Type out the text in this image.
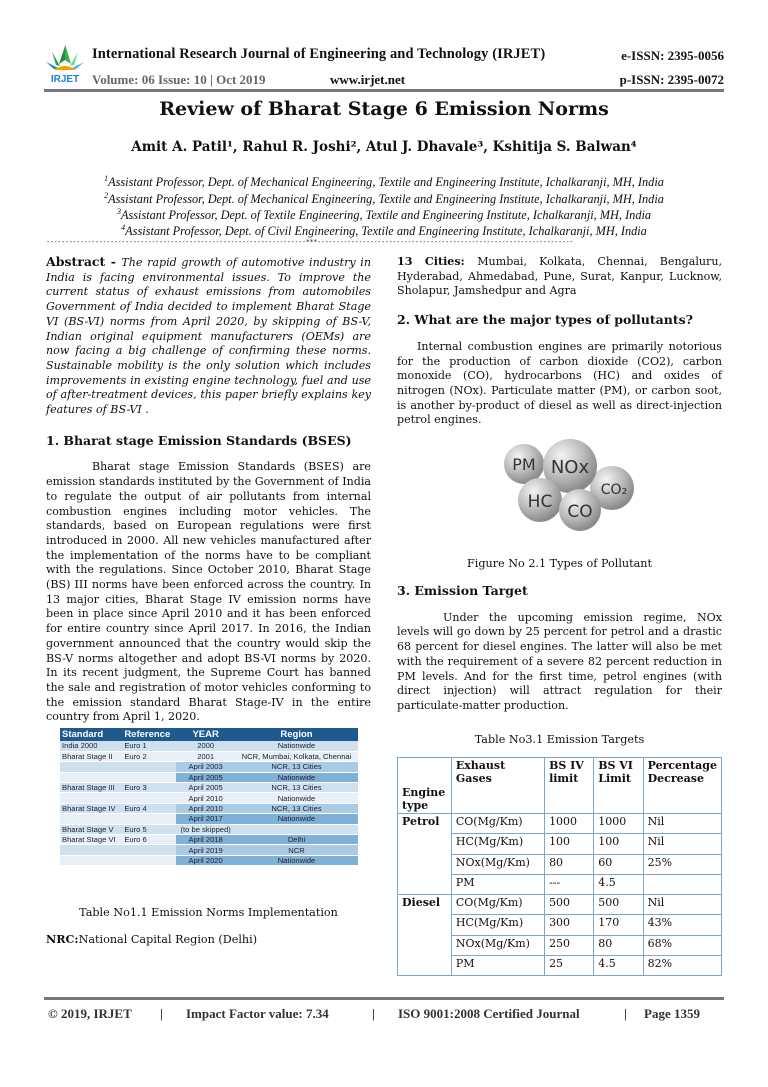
IRJET
International Research Journal of Engineering and Technology (IRJET)	e-ISSN: 2395-0056
Volume: 06 Issue: 10 | Oct 2019	www.irjet.net	p-ISSN: 2395-0072
Review of Bharat Stage 6 Emission Norms
Amit A. Patil¹, Rahul R. Joshi², Atul J. Dhavale³, Kshitija S. Balwan⁴
$^1$Assistant Professor, Dept. of Mechanical Engineering, Textile and Engineering Institute, Ichalkaranji, MH, India
$^2$Assistant Professor, Dept. of Mechanical Engineering, Textile and Engineering Institute, Ichalkaranji, MH, India
$^3$Assistant Professor, Dept. of Textile Engineering, Textile and Engineering Institute, Ichalkaranji, MH, India
$^4$Assistant Professor, Dept. of Civil Engineering, Textile and Engineering Institute, Ichalkaranji, MH, India
---------------------------------------------------------------------***--------------------------------------------------------------------

Abstract - The rapid growth of automotive industry in India is facing environmental issues. To improve the current status of exhaust emissions from automobiles Government of India decided to implement Bharat Stage VI (BS-VI) norms from April 2020, by skipping of BS-V, Indian original equipment manufacturers (OEMs) are now facing a big challenge of confirming these norms. Sustainable mobility is the only solution which includes improvements in existing engine technology, fuel and use of after-treatment devices, this paper briefly explains key features of BS-VI .

1. Bharat stage Emission Standards (BSES)

Bharat stage Emission Standards (BSES) are emission standards instituted by the Government of India to regulate the output of air pollutants from internal combustion engines including motor vehicles. The standards, based on European regulations were first introduced in 2000. All new vehicles manufactured after the implementation of the norms have to be compliant with the regulations. Since October 2010, Bharat Stage (BS) III norms have been enforced across the country. In 13 major cities, Bharat Stage IV emission norms have been in place since April 2010 and it has been enforced for entire country since April 2017. In 2016, the Indian government announced that the country would skip the BS-V norms altogether and adopt BS-VI norms by 2020. In its recent judgment, the Supreme Court has banned the sale and registration of motor vehicles conforming to the emission standard Bharat Stage-IV in the entire country from April 1, 2020.

Standard	Reference	YEAR	Region
India 2000	Euro 1	2000	Nationwide
Bharat Stage II	Euro 2	2001	NCR, Mumbai, Kolkata, Chennai
		April 2003	NCR, 13 Cities
		April 2005	Nationwide
Bharat Stage III	Euro 3	April 2005	NCR, 13 Cities
		April 2010	Nationwide
Bharat Stage IV	Euro 4	April 2010	NCR, 13 Cities
		April 2017	Nationwide
Bharat Stage V	Euro 5	(to be skipped)	
Bharat Stage VI	Euro 6	April 2018	Delhi
		April 2019	NCR
		April 2020	Nationwide
Table No1.1 Emission Norms Implementation
NRC:National Capital Region (Delhi)

13 Cities: Mumbai, Kolkata, Chennai, Bengaluru, Hyderabad, Ahmedabad, Pune, Surat, Kanpur, Lucknow, Sholapur, Jamshedpur and Agra

2. What are the major types of pollutants?

Internal combustion engines are primarily notorious for the production of carbon dioxide (CO2), carbon monoxide (CO), hydrocarbons (HC) and oxides of nitrogen (NOx). Particulate matter (PM), or carbon soot, is another by-product of diesel as well as direct-injection petrol engines.

PM NOx
HC CO
CO₂
Figure No 2.1 Types of Pollutant

3. Emission Target

Under the upcoming emission regime, NOx levels will go down by 25 percent for petrol and a drastic 68 percent for diesel engines. The latter will also be met with the requirement of a severe 82 percent reduction in PM levels. And for the first time, petrol engines (with direct injection) will attract regulation for their particulate-matter production.

Table No3.1 Emission Targets
Engine type	Exhaust Gases	BS IV limit	BS VI Limit	Percentage Decrease
Petrol	CO(Mg/Km)	1000	1000	Nil
	HC(Mg/Km)	100	100	Nil
	NOx(Mg/Km)	80	60	25%
	PM	---	4.5	
Diesel	CO(Mg/Km)	500	500	Nil
	HC(Mg/Km)	300	170	43%
	NOx(Mg/Km)	250	80	68%
	PM	25	4.5	82%
© 2019, IRJET | Impact Factor value: 7.34	| ISO 9001:2008 Certified Journal	| Page 1359
